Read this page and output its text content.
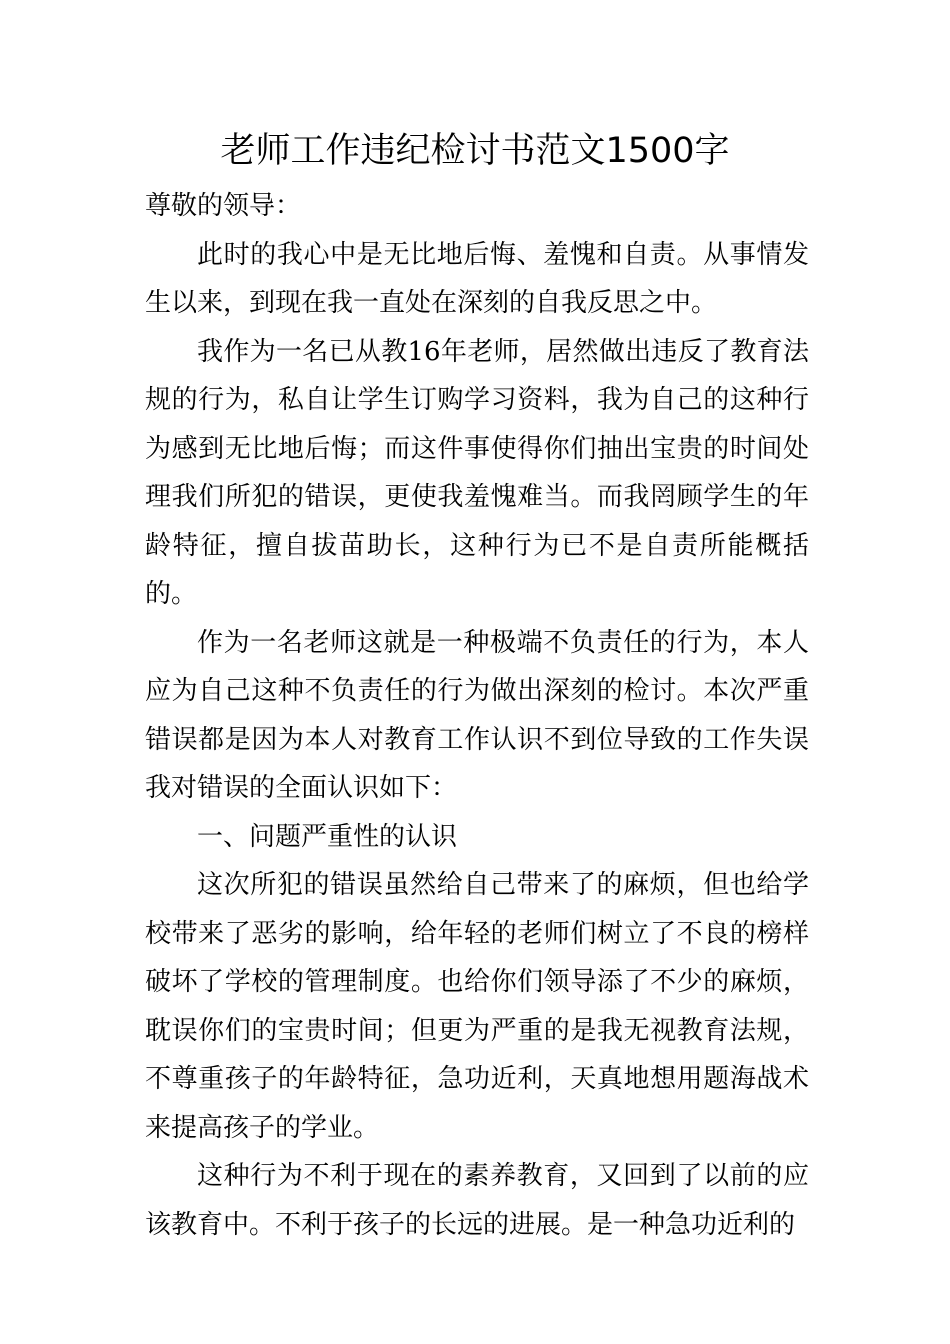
老师工作违纪检讨书范文1500字

尊敬的领导：

此时的我心中是无比地后悔、羞愧和自责。从事情发生以来，到现在我一直处在深刻的自我反思之中。

我作为一名已从教16年老师，居然做出违反了教育法规的行为，私自让学生订购学习资料，我为自己的这种行为感到无比地后悔；而这件事使得你们抽出宝贵的时间处理我们所犯的错误，更使我羞愧难当。而我罔顾学生的年龄特征，擅自拔苗助长，这种行为已不是自责所能概括的。

作为一名老师这就是一种极端不负责任的行为，本人应为自己这种不负责任的行为做出深刻的检讨。本次严重错误都是因为本人对教育工作认识不到位导致的工作失误我对错误的全面认识如下：

一、问题严重性的认识

这次所犯的错误虽然给自己带来了的麻烦，但也给学校带来了恶劣的影响，给年轻的老师们树立了不良的榜样破坏了学校的管理制度。也给你们领导添了不少的麻烦，耽误你们的宝贵时间；但更为严重的是我无视教育法规，不尊重孩子的年龄特征，急功近利，天真地想用题海战术来提高孩子的学业。

这种行为不利于现在的素养教育，又回到了以前的应该教育中。不利于孩子的长远的进展。是一种急功近利的
